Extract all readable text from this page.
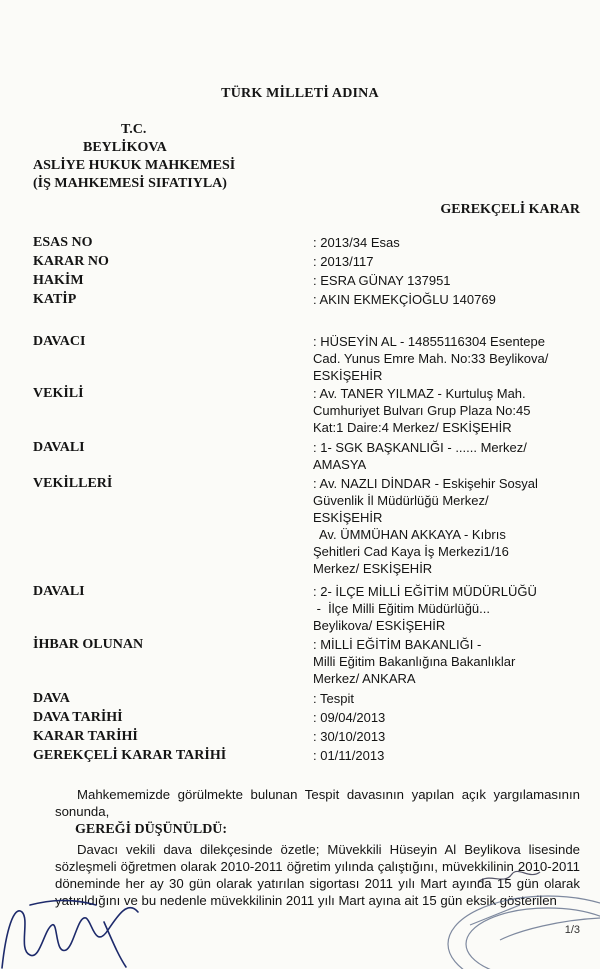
TÜRK MİLLETİ ADINA
T.C.
BEYLİKOVA
ASLİYE HUKUK MAHKEMESİ
(İŞ MAHKEMESİ SIFATIYLA)
GEREKÇELİ KARAR
ESAS NO	: 2013/34 Esas
KARAR NO	: 2013/117
HAKİM	: ESRA GÜNAY 137951
KATİP	: AKIN EKMEKÇİOĞLU 140769
DAVACI	: HÜSEYİN AL - 14855116304 Esentepe
Cad. Yunus Emre Mah. No:33 Beylikova/
ESKİŞEHİR
VEKİLİ	: Av. TANER YILMAZ - Kurtuluş Mah.
Cumhuriyet Bulvarı Grup Plaza No:45
Kat:1 Daire:4 Merkez/ ESKİŞEHİR
DAVALI	: 1- SGK BAŞKANLIĞI - ...... Merkez/
AMASYA
VEKİLLERİ	: Av. NAZLI DİNDAR - Eskişehir Sosyal
Güvenlik İl Müdürlüğü Merkez/
ESKİŞEHİR
Av. ÜMMÜHAN AKKAYA - Kıbrıs
Şehitleri Cad Kaya İş Merkezi1/16
Merkez/ ESKİŞEHİR
DAVALI	: 2- İLÇE MİLLİ EĞİTİM MÜDÜRLÜĞÜ
-  İlçe Milli Eğitim Müdürlüğü...
Beylikova/ ESKİŞEHİR
İHBAR OLUNAN	: MİLLİ EĞİTİM BAKANLIĞI -
Milli Eğitim Bakanlığına Bakanlıklar
Merkez/ ANKARA
DAVA	: Tespit
DAVA TARİHİ	: 09/04/2013
KARAR TARİHİ	: 30/10/2013
GEREKÇELİ KARAR TARİHİ	: 01/11/2013
Mahkememizde görülmekte bulunan Tespit davasının yapılan açık yargılamasının sonunda,
GEREĞİ DÜŞÜNÜLDÜ:
Davacı vekili dava dilekçesinde özetle; Müvekkili Hüseyin Al Beylikova lisesinde sözleşmeli öğretmen olarak 2010-2011 öğretim yılında çalıştığını, müvekkilinin 2010-2011 döneminde her ay 30 gün olarak yatırılan sigortası 2011 yılı Mart ayında 15 gün olarak yatırıldığını ve bu nedenle müvekkilinin 2011 yılı Mart ayına ait 15 gün eksik gösterilen
1/3
